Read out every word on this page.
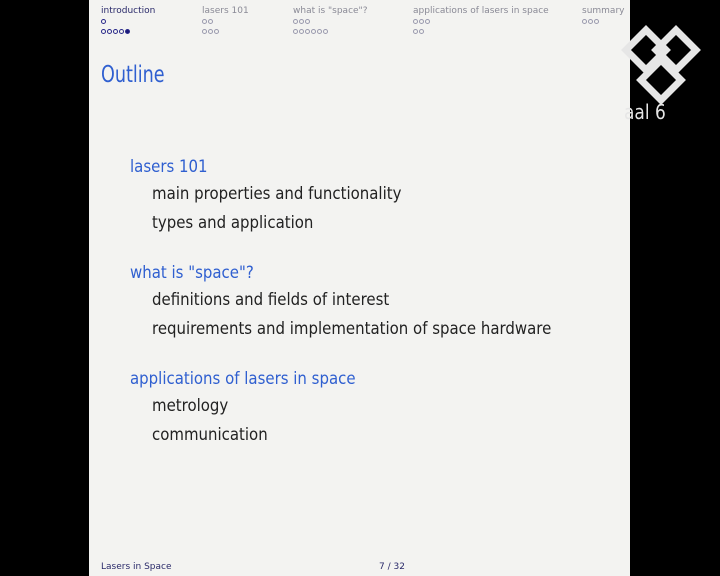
introduction	lasers 101	what is "space"?	applications of lasers in space	summary
Outline
lasers 101
main properties and functionality
types and application
what is "space"?
definitions and fields of interest
requirements and implementation of space hardware
applications of lasers in space
metrology
communication
Lasers in Space	7 / 32
aal 6
